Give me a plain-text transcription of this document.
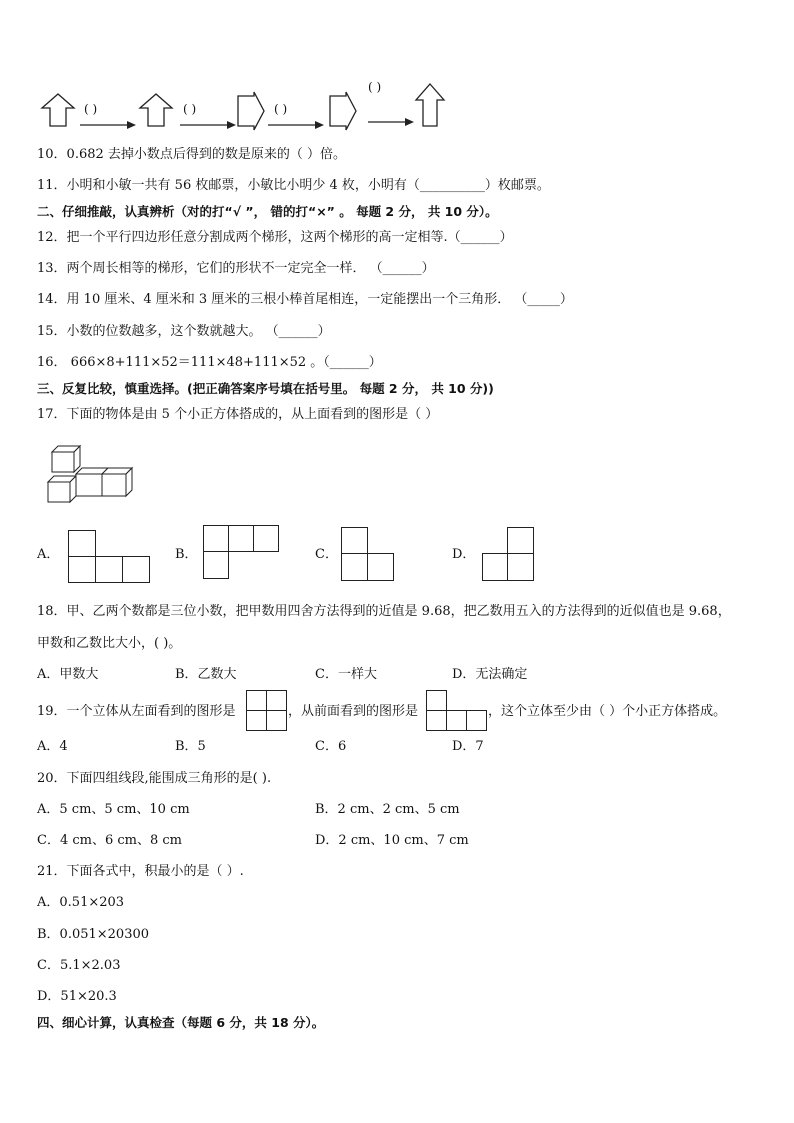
( )	( )	( )
( )
10．0.682 去掉小数点后得到的数是原来的（ ）倍。
11．小明和小敏一共有 56 枚邮票，小敏比小明少 4 枚，小明有（__________）枚邮票。
二、仔细推敲，认真辨析（对的打“√ ”， 错的打“×” 。 每题 2 分， 共 10 分）。
12．把一个平行四边形任意分割成两个梯形，这两个梯形的高一定相等.（______）
13．两个周长相等的梯形，它们的形状不一定完全一样． （______）
14．用 10 厘米、4 厘米和 3 厘米的三根小棒首尾相连，一定能摆出一个三角形． （_____）
15．小数的位数越多，这个数就越大。 （______）
16． 666×8+111×52＝111×48+111×52 。（______）
三、反复比较，慎重选择。(把正确答案序号填在括号里。 每题 2 分， 共 10 分))
17．下面的物体是由 5 个小正方体搭成的，从上面看到的图形是（ ）
A．	B．	C．	D．
18．甲、乙两个数都是三位小数，把甲数用四舍方法得到的近值是 9.68，把乙数用五入的方法得到的近似值也是 9.68，
甲数和乙数比大小，( )。
A．甲数大	B．乙数大	C．一样大	D．无法确定
19．一个立体从左面看到的图形是	，从前面看到的图形是	，这个立体至少由（ ）个小正方体搭成。
A．4	B．5	C．6	D．7
20．下面四组线段,能围成三角形的是( ).
A．5 cm、5 cm、10 cm	B．2 cm、2 cm、5 cm
C．4 cm、6 cm、8 cm	D．2 cm、10 cm、7 cm
21．下面各式中，积最小的是（ ）.
A．0.51×203
B．0.051×20300
C．5.1×2.03
D．51×20.3
四、细心计算，认真检查（每题 6 分，共 18 分）。
